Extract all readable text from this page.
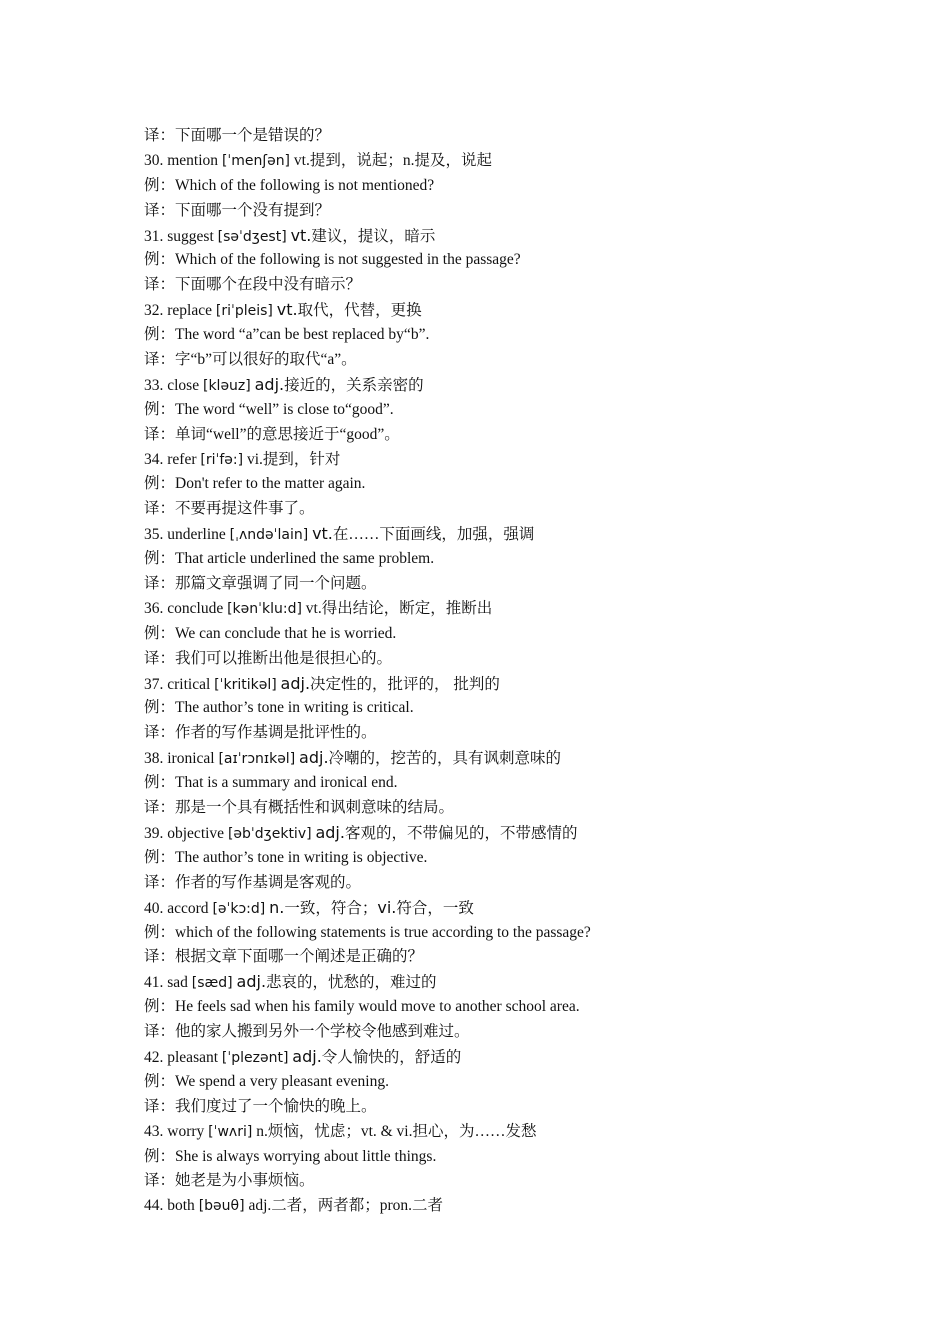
译：下面哪一个是错误的？
30. mention [ˈmenʃən] vt.提到，说起；n.提及，说起
例：Which of the following is not mentioned?
译：下面哪一个没有提到？
31. suggest [səˈdʒest] vt.建议，提议，暗示
例：Which of the following is not suggested in the passage?
译：下面哪个在段中没有暗示？
32. replace [riˈpleis] vt.取代，代替，更换
例：The word “a”can be best replaced by“b”.
译：字“b”可以很好的取代“a”。
33. close [kləuz] adj.接近的，关系亲密的
例：The word “well” is close to“good”.
译：单词“well”的意思接近于“good”。
34. refer [riˈfə:] vi.提到，针对
例：Don't refer to the matter again.
译：不要再提这件事了。
35. underline [ˌʌndəˈlain] vt.在……下面画线，加强，强调
例：That article underlined the same problem.
译：那篇文章强调了同一个问题。
36. conclude [kənˈklu:d] vt.得出结论，断定，推断出
例：We can conclude that he is worried.
译：我们可以推断出他是很担心的。
37. critical [ˈkritikəl] adj.决定性的，批评的， 批判的
例：The author’s tone in writing is critical.
译：作者的写作基调是批评性的。
38. ironical [aɪˈrɔnɪkəl] adj.冷嘲的，挖苦的，具有讽刺意味的
例：That is a summary and ironical end.
译：那是一个具有概括性和讽刺意味的结局。
39. objective [əbˈdʒektiv] adj.客观的，不带偏见的，不带感情的
例：The author’s tone in writing is objective.
译：作者的写作基调是客观的。
40. accord [əˈkɔ:d] n.一致，符合；vi.符合，一致
例：which of the following statements is true according to the passage?
译：根据文章下面哪一个阐述是正确的？
41. sad [sæd] adj.悲哀的，忧愁的，难过的
例：He feels sad when his family would move to another school area.
译：他的家人搬到另外一个学校令他感到难过。
42. pleasant [ˈplezənt] adj.令人愉快的，舒适的
例：We spend a very pleasant evening.
译：我们度过了一个愉快的晚上。
43. worry [ˈwʌri] n.烦恼，忧虑；vt. & vi.担心，为……发愁
例：She is always worrying about little things.
译：她老是为小事烦恼。
44. both [bəuθ] adj.二者，两者都；pron.二者
